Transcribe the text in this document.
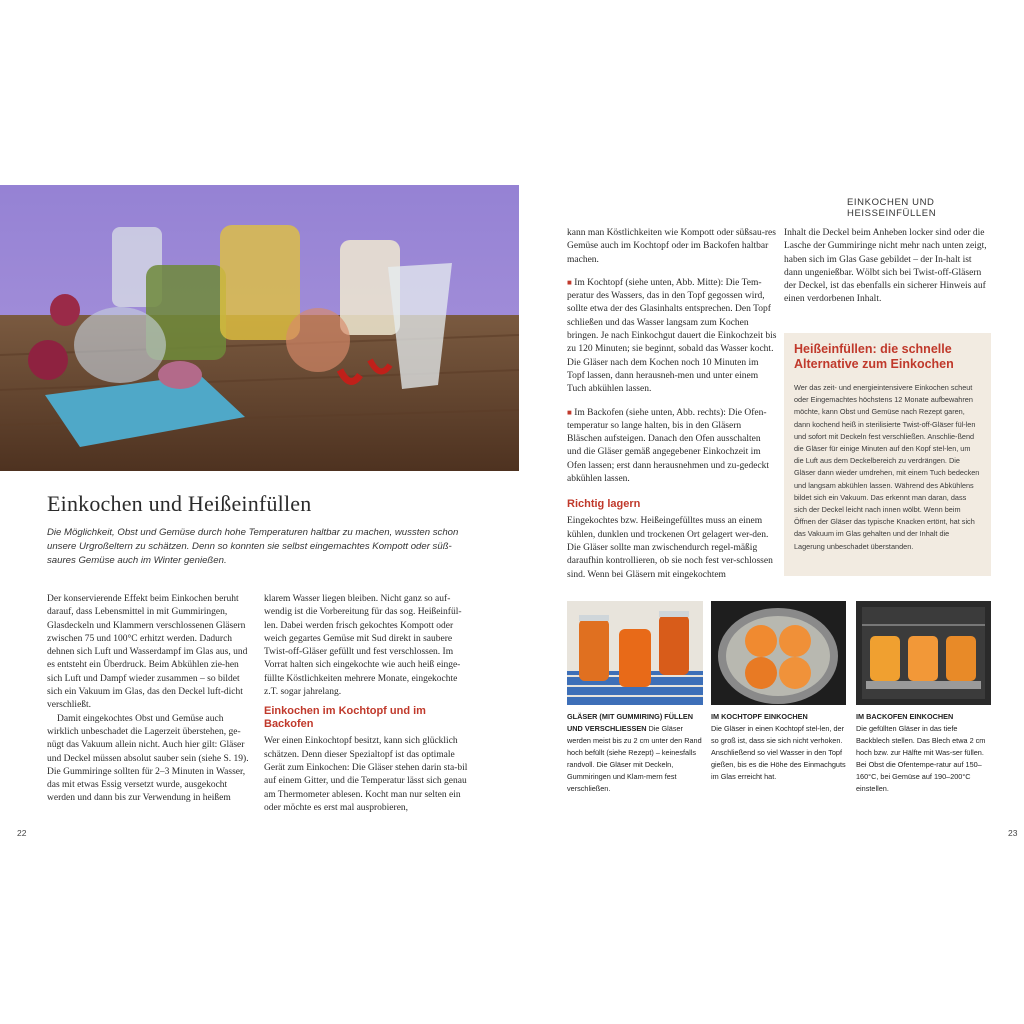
Einkochen und Heißeinfüllen
Die Möglichkeit, Obst und Gemüse durch hohe Temperaturen haltbar zu machen, wussten schon unsere Urgroßeltern zu schätzen. Denn so konnten sie selbst eingemachtes Kompott oder süß-saures Gemüse auch im Winter genießen.

Der konservierende Effekt beim Einkochen beruht darauf, dass Lebensmittel in mit Gummiringen, Glasdeckeln und Klammern verschlossenen Gläsern zwischen 75 und 100°C erhitzt werden. Dadurch dehnen sich Luft und Wasserdampf im Glas aus, und es entsteht ein Überdruck. Beim Abkühlen zie-hen sich Luft und Dampf wieder zusammen – so bildet sich ein Vakuum im Glas, das den Deckel luft-dicht verschließt.

Damit eingekochtes Obst und Gemüse auch wirklich unbeschadet die Lagerzeit überstehen, ge-nügt das Vakuum allein nicht. Auch hier gilt: Gläser und Deckel müssen absolut sauber sein (siehe S. 19). Die Gummiringe sollten für 2–3 Minuten in Wasser, das mit etwas Essig versetzt wurde, ausgekocht werden und dann bis zur Verwendung in heißem

klarem Wasser liegen bleiben. Nicht ganz so auf-wendig ist die Vorbereitung für das sog. Heißeinfül-len. Dabei werden frisch gekochtes Kompott oder weich gegartes Gemüse mit Sud direkt in saubere Twist-off-Gläser gefüllt und fest verschlossen. Im Vorrat halten sich eingekochte wie auch heiß einge-füllte Köstlichkeiten mehrere Monate, eingekochte z.T. sogar jahrelang.

Einkochen im Kochtopf und im Backofen

Wer einen Einkochtopf besitzt, kann sich glücklich schätzen. Denn dieser Spezialtopf ist das optimale Gerät zum Einkochen: Die Gläser stehen darin sta-bil auf einem Gitter, und die Temperatur lässt sich genau am Thermometer ablesen. Kocht man nur selten ein oder möchte es erst mal ausprobieren,

22
EINKOCHEN UND HEISSEINFÜLLEN

kann man Köstlichkeiten wie Kompott oder süßsau-res Gemüse auch im Kochtopf oder im Backofen haltbar machen.

■ Im Kochtopf (siehe unten, Abb. Mitte): Die Tem-peratur des Wassers, das in den Topf gegossen wird, sollte etwa der des Glasinhalts entsprechen. Den Topf schließen und das Wasser langsam zum Kochen bringen. Je nach Einkochgut dauert die Einkochzeit bis zu 120 Minuten; sie beginnt, sobald das Wasser kocht. Die Gläser nach dem Kochen noch 10 Minuten im Topf lassen, dann herausneh-men und unter einem Tuch abkühlen lassen.

■ Im Backofen (siehe unten, Abb. rechts): Die Ofen-temperatur so lange halten, bis in den Gläsern Bläschen aufsteigen. Danach den Ofen ausschalten und die Gläser gemäß angegebener Einkochzeit im Ofen lassen; erst dann herausnehmen und zu-gedeckt abkühlen lassen.

Richtig lagern

Eingekochtes bzw. Heißeingefülltes muss an einem kühlen, dunklen und trockenen Ort gelagert wer-den. Die Gläser sollte man zwischendurch regel-mäßig daraufhin kontrollieren, ob sie noch fest ver-schlossen sind. Wenn bei Gläsern mit eingekochtem

Inhalt die Deckel beim Anheben locker sind oder die Lasche der Gummiringe nicht mehr nach unten zeigt, haben sich im Glas Gase gebildet – der In-halt ist dann ungenießbar. Wölbt sich bei Twist-off-Gläsern der Deckel, ist das ebenfalls ein sicherer Hinweis auf einen verdorbenen Inhalt.

Heißeinfüllen: die schnelle Alternative zum Einkochen
Wer das zeit- und energieintensivere Einkochen scheut oder Eingemachtes höchstens 12 Monate aufbewahren möchte, kann Obst und Gemüse nach Rezept garen, dann kochend heiß in sterilisierte Twist-off-Gläser fül-len und sofort mit Deckeln fest verschließen. Anschlie-ßend die Gläser für einige Minuten auf den Kopf stel-len, um die Luft aus dem Deckelbereich zu verdrängen. Die Gläser dann wieder umdrehen, mit einem Tuch bedecken und langsam abkühlen lassen. Während des Abkühlens bildet sich ein Vakuum. Das erkennt man daran, dass sich der Deckel leicht nach innen wölbt. Wenn beim Öffnen der Gläser das typische Knacken ertönt, hat sich das Vakuum im Glas gehalten und der Inhalt die Lagerung unbeschadet überstanden.
GLÄSER (MIT GUMMIRING) FÜLLEN UND VERSCHLIESSEN Die Gläser werden meist bis zu 2 cm unter den Rand hoch befüllt (siehe Rezept) – keinesfalls randvoll. Die Gläser mit Deckeln, Gummiringen und Klam-mern fest verschließen.
IM KOCHTOPF EINKOCHEN
Die Gläser in einen Kochtopf stel-len, der so groß ist, dass sie sich nicht verhoken. Anschließend so viel Wasser in den Topf gießen, bis es die Höhe des Einmachguts im Glas erreicht hat.
IM BACKOFEN EINKOCHEN
Die gefüllten Gläser in das tiefe Backblech stellen. Das Blech etwa 2 cm hoch bzw. zur Hälfte mit Was-ser füllen. Bei Obst die Ofentempe-ratur auf 150–160°C, bei Gemüse auf 190–200°C einstellen.
23
